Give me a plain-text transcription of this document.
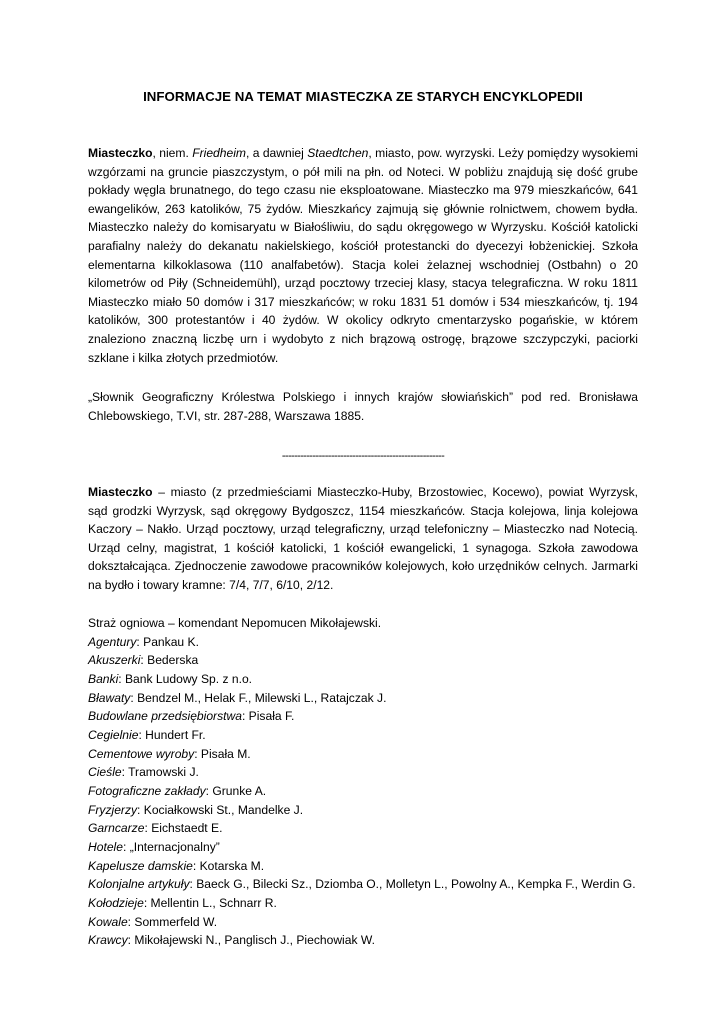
INFORMACJE NA TEMAT MIASTECZKA ZE STARYCH ENCYKLOPEDII
Miasteczko, niem. Friedheim, a dawniej Staedtchen, miasto, pow. wyrzyski. Leży pomiędzy wysokiemi wzgórzami na gruncie piaszczystym, o pół mili na płn. od Noteci. W pobliżu znajdują się dość grube pokłady węgla brunatnego, do tego czasu nie eksploatowane. Miasteczko ma 979 mieszkańców, 641 ewangelików, 263 katolików, 75 żydów. Mieszkańcy zajmują się głównie rolnictwem, chowem bydła. Miasteczko należy do komisaryatu w Białośliwiu, do sądu okręgowego w Wyrzysku. Kościół katolicki parafialny należy do dekanatu nakielskiego, kościół protestancki do dyecezyi łobżenickiej. Szkoła elementarna kilkoklasowa (110 analfabetów). Stacja kolei żelaznej wschodniej (Ostbahn) o 20 kilometrów od Piły (Schneidemühl), urząd pocztowy trzeciej klasy, stacya telegraficzna. W roku 1811 Miasteczko miało 50 domów i 317 mieszkańców; w roku 1831 51 domów i 534 mieszkańców, tj. 194 katolików, 300 protestantów i 40 żydów. W okolicy odkryto cmentarzysko pogańskie, w którem znaleziono znaczną liczbę urn i wydobyto z nich brązową ostrogę, brązowe szczypczyki, paciorki szklane i kilka złotych przedmiotów.
„Słownik Geograficzny Królestwa Polskiego i innych krajów słowiańskich” pod red. Bronisława Chlebowskiego, T.VI, str. 287-288, Warszawa 1885.
-----------------------------------------------------
Miasteczko – miasto (z przedmieściami Miasteczko-Huby, Brzostowiec, Kocewo), powiat Wyrzysk, sąd grodzki Wyrzysk, sąd okręgowy Bydgoszcz, 1154 mieszkańców. Stacja kolejowa, linja kolejowa Kaczory – Nakło. Urząd pocztowy, urząd telegraficzny, urząd telefoniczny – Miasteczko nad Notecią. Urząd celny, magistrat, 1 kościół katolicki, 1 kościół ewangelicki, 1 synagoga. Szkoła zawodowa dokształcająca. Zjednoczenie zawodowe pracowników kolejowych, koło urzędników celnych. Jarmarki na bydło i towary kramne: 7/4, 7/7, 6/10, 2/12.
Straż ogniowa – komendant Nepomucen Mikołajewski.
Agentury: Pankau K.
Akuszerki: Bederska
Banki: Bank Ludowy Sp. z n.o.
Bławaty: Bendzel M., Helak F., Milewski L., Ratajczak J.
Budowlane przedsiębiorstwa: Pisała F.
Cegielnie: Hundert Fr.
Cementowe wyroby: Pisała M.
Cieśle: Tramowski J.
Fotograficzne zakłady: Grunke A.
Fryzjerzy: Kociałkowski St., Mandelke J.
Garncarze: Eichstaedt E.
Hotele: „Internacjonalny”
Kapelusze damskie: Kotarska M.
Kolonjalne artykuły: Baeck G., Bilecki Sz., Dziomba O., Molletyn L., Powolny A., Kempka F., Werdin G.
Kołodzieje: Mellentin L., Schnarr R.
Kowale: Sommerfeld W.
Krawcy: Mikołajewski N., Panglisch J., Piechowiak W.
